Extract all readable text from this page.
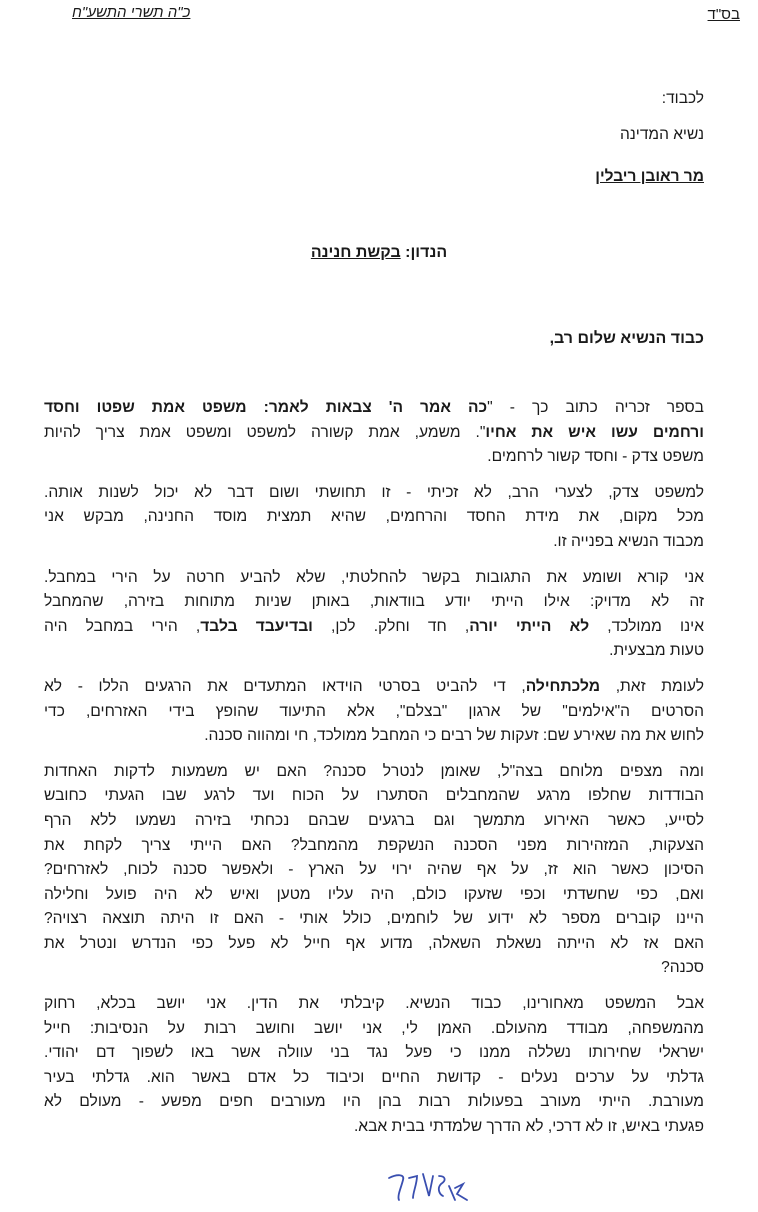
בס"ד
כ"ה תשרי התשע"ח
לכבוד:
נשיא המדינה
מר ראובן ריבלין
הנדון: בקשת חנינה
כבוד הנשיא שלום רב,
בספר זכריה כתוב כך - "כה אמר ה' צבאות לאמר: משפט אמת שפטו וחסד
ורחמים עשו איש את אחיו". משמע, אמת קשורה למשפט ומשפט אמת צריך להיות
משפט צדק - וחסד קשור לרחמים.
למשפט צדק, לצערי הרב, לא זכיתי - זו תחושתי ושום דבר לא יכול לשנות אותה.
מכל מקום, את מידת החסד והרחמים, שהיא תמצית מוסד החנינה, מבקש אני
מכבוד הנשיא בפנייה זו.
אני קורא ושומע את התגובות בקשר להחלטתי, שלא להביע חרטה על הירי במחבל.
זה לא מדויק: אילו הייתי יודע בוודאות, באותן שניות מתוחות בזירה, שהמחבל
אינו ממולכד, לא הייתי יורה, חד וחלק. לכן, ובדיעבד בלבד, הירי במחבל היה
טעות מבצעית.
לעומת זאת, מלכתחילה, די להביט בסרטי הוידאו המתעדים את הרגעים הללו - לא
הסרטים ה"אילמים" של ארגון "בצלם", אלא התיעוד שהופץ בידי האזרחים, כדי
לחוש את מה שאירע שם: זעקות של רבים כי המחבל ממולכד, חי ומהווה סכנה.
ומה מצפים מלוחם בצה"ל, שאומן לנטרל סכנה? האם יש משמעות לדקות האחדות
הבודדות שחלפו מרגע שהמחבלים הסתערו על הכוח ועד לרגע שבו הגעתי כחובש
לסייע, כאשר האירוע מתמשך וגם ברגעים שבהם נכחתי בזירה נשמעו ללא הרף
הצעקות, המזהירות מפני הסכנה הנשקפת מהמחבל? האם הייתי צריך לקחת את
הסיכון כאשר הוא זז, על אף שהיה ירוי על הארץ - ולאפשר סכנה לכוח, לאזרחים?
ואם, כפי שחשדתי וכפי שזעקו כולם, היה עליו מטען ואיש לא היה פועל וחלילה
היינו קוברים מספר לא ידוע של לוחמים, כולל אותי - האם זו היתה תוצאה רצויה?
האם אז לא הייתה נשאלת השאלה, מדוע אף חייל לא פעל כפי הנדרש ונטרל את
סכנה?
אבל המשפט מאחורינו, כבוד הנשיא. קיבלתי את הדין. אני יושב בכלא, רחוק
מהמשפחה, מבודד מהעולם. האמן לי, אני יושב וחושב רבות על הנסיבות: חייל
ישראלי שחירותו נשללה ממנו כי פעל נגד בני עוולה אשר באו לשפוך דם יהודי.
גדלתי על ערכים נעלים - קדושת החיים וכיבוד כל אדם באשר הוא. גדלתי בעיר
מעורבת. הייתי מעורב בפעולות רבות בהן היו מעורבים חפים מפשע - מעולם לא
פגעתי באיש, זו לא דרכי, לא הדרך שלמדתי בבית אבא.
